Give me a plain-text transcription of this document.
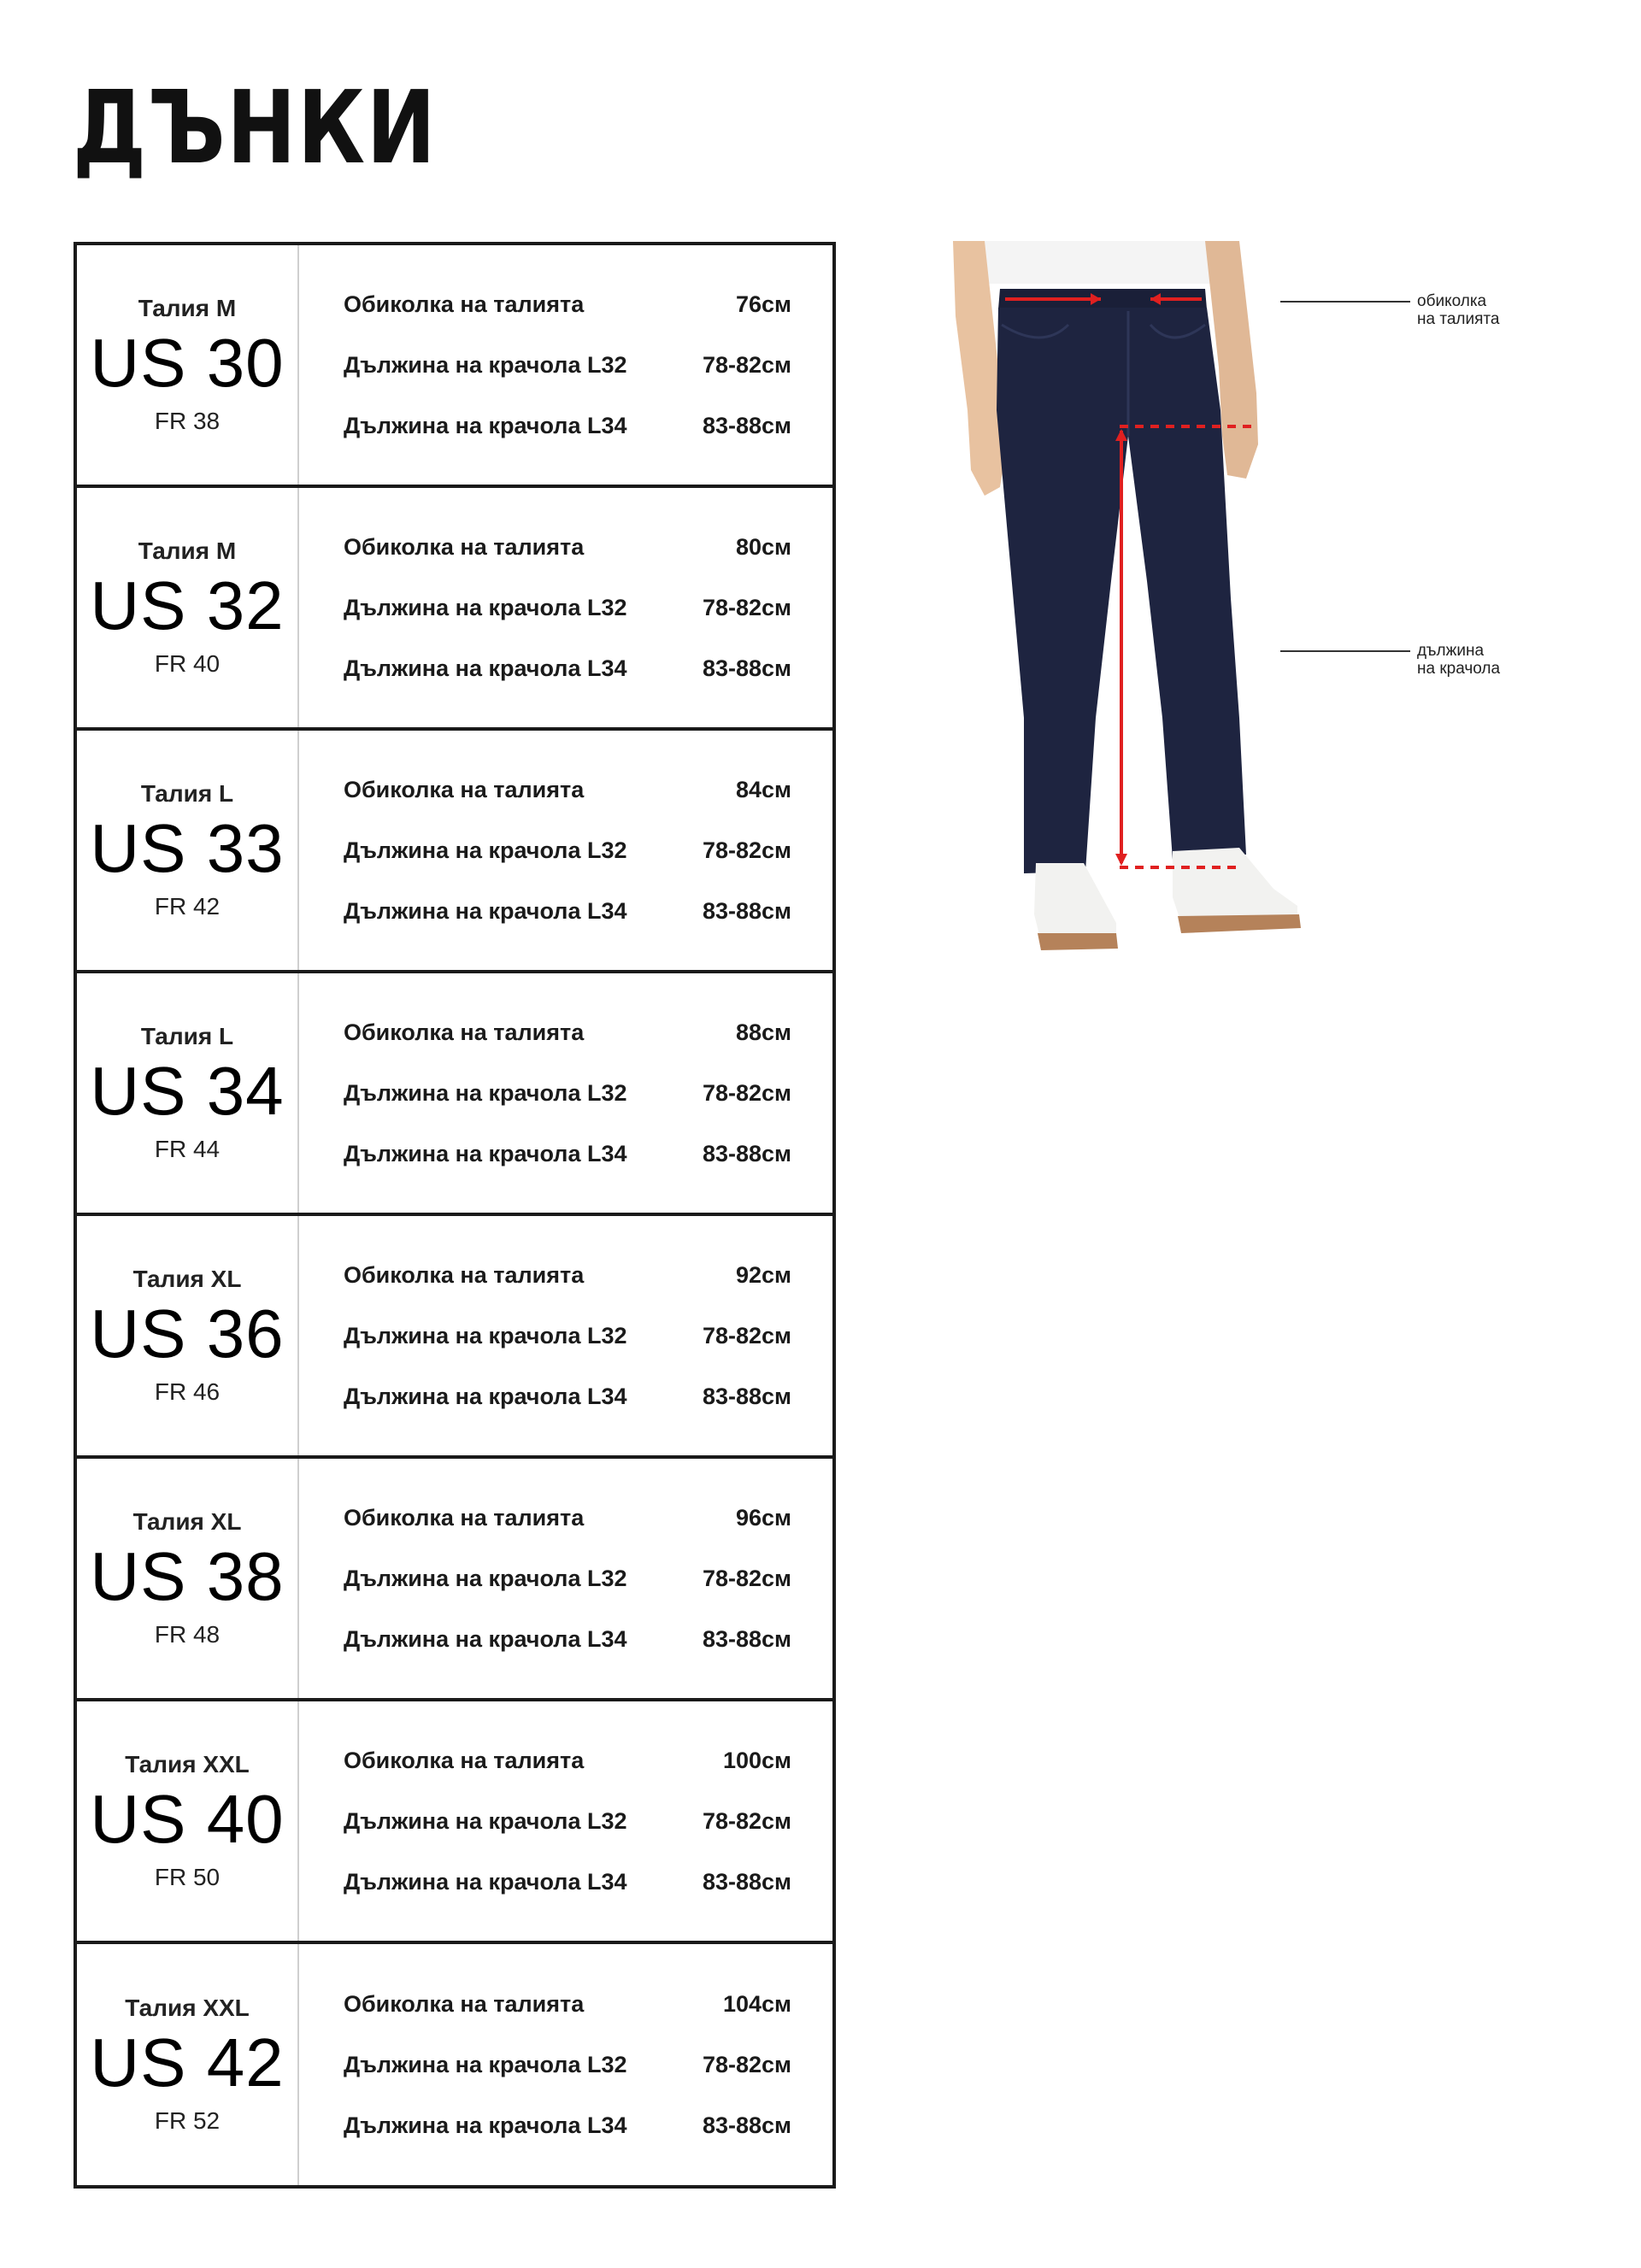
ДЪНКИ
Талия M
US 30
FR 38
Обиколка на талията	76см
Дължина на крачола L32	78-82см
Дължина на крачола L34	83-88см
Талия M
US 32
FR 40
Обиколка на талията	80см
Дължина на крачола L32	78-82см
Дължина на крачола L34	83-88см
Талия L
US 33
FR 42
Обиколка на талията	84см
Дължина на крачола L32	78-82см
Дължина на крачола L34	83-88см
Талия L
US 34
FR 44
Обиколка на талията	88см
Дължина на крачола L32	78-82см
Дължина на крачола L34	83-88см
Талия XL
US 36
FR 46
Обиколка на талията	92см
Дължина на крачола L32	78-82см
Дължина на крачола L34	83-88см
Талия XL
US 38
FR 48
Обиколка на талията	96см
Дължина на крачола L32	78-82см
Дължина на крачола L34	83-88см
Талия XXL
US 40
FR 50
Обиколка на талията	100см
Дължина на крачола L32	78-82см
Дължина на крачола L34	83-88см
Талия XXL
US 42
FR 52
Обиколка на талията	104см
Дължина на крачола L32	78-82см
Дължина на крачола L34	83-88см
обиколка
на талията
дължина
на крачола
